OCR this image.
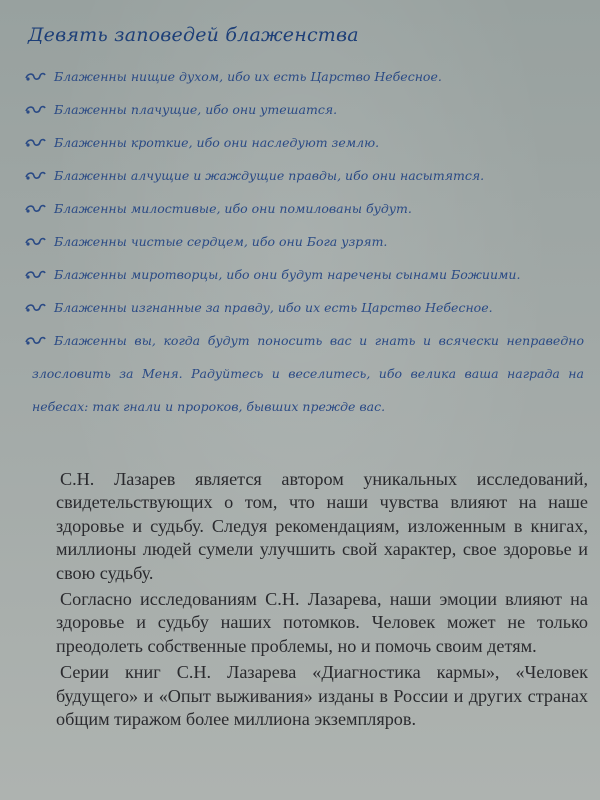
Девять заповедей блаженства
Блаженны нищие духом, ибо их есть Царство Небесное.
Блаженны плачущие, ибо они утешатся.
Блаженны кроткие, ибо они наследуют землю.
Блаженны алчущие и жаждущие правды, ибо они насытятся.
Блаженны милостивые, ибо они помилованы будут.
Блаженны чистые сердцем, ибо они Бога узрят.
Блаженны миротворцы, ибо они будут наречены сынами Божиими.
Блаженны изгнанные за правду, ибо их есть Царство Небесное.
Блаженны вы, когда будут поносить вас и гнать и всячески неправедно злословить за Меня. Радуйтесь и веселитесь, ибо велика ваша награда на небесах: так гнали и пророков, бывших прежде вас.

С.Н. Лазарев является автором уникальных исследований, свидетельствующих о том, что наши чувства влияют на наше здоровье и судьбу. Следуя рекомендациям, изложенным в книгах, миллионы людей сумели улучшить свой характер, свое здоровье и свою судьбу.

Согласно исследованиям С.Н. Лазарева, наши эмоции влияют на здоровье и судьбу наших потомков. Человек может не только преодолеть собственные проблемы, но и помочь своим детям.

Серии книг С.Н. Лазарева «Диагностика кармы», «Человек будущего» и «Опыт выживания» изданы в России и других странах общим тиражом более миллиона экземпляров.
